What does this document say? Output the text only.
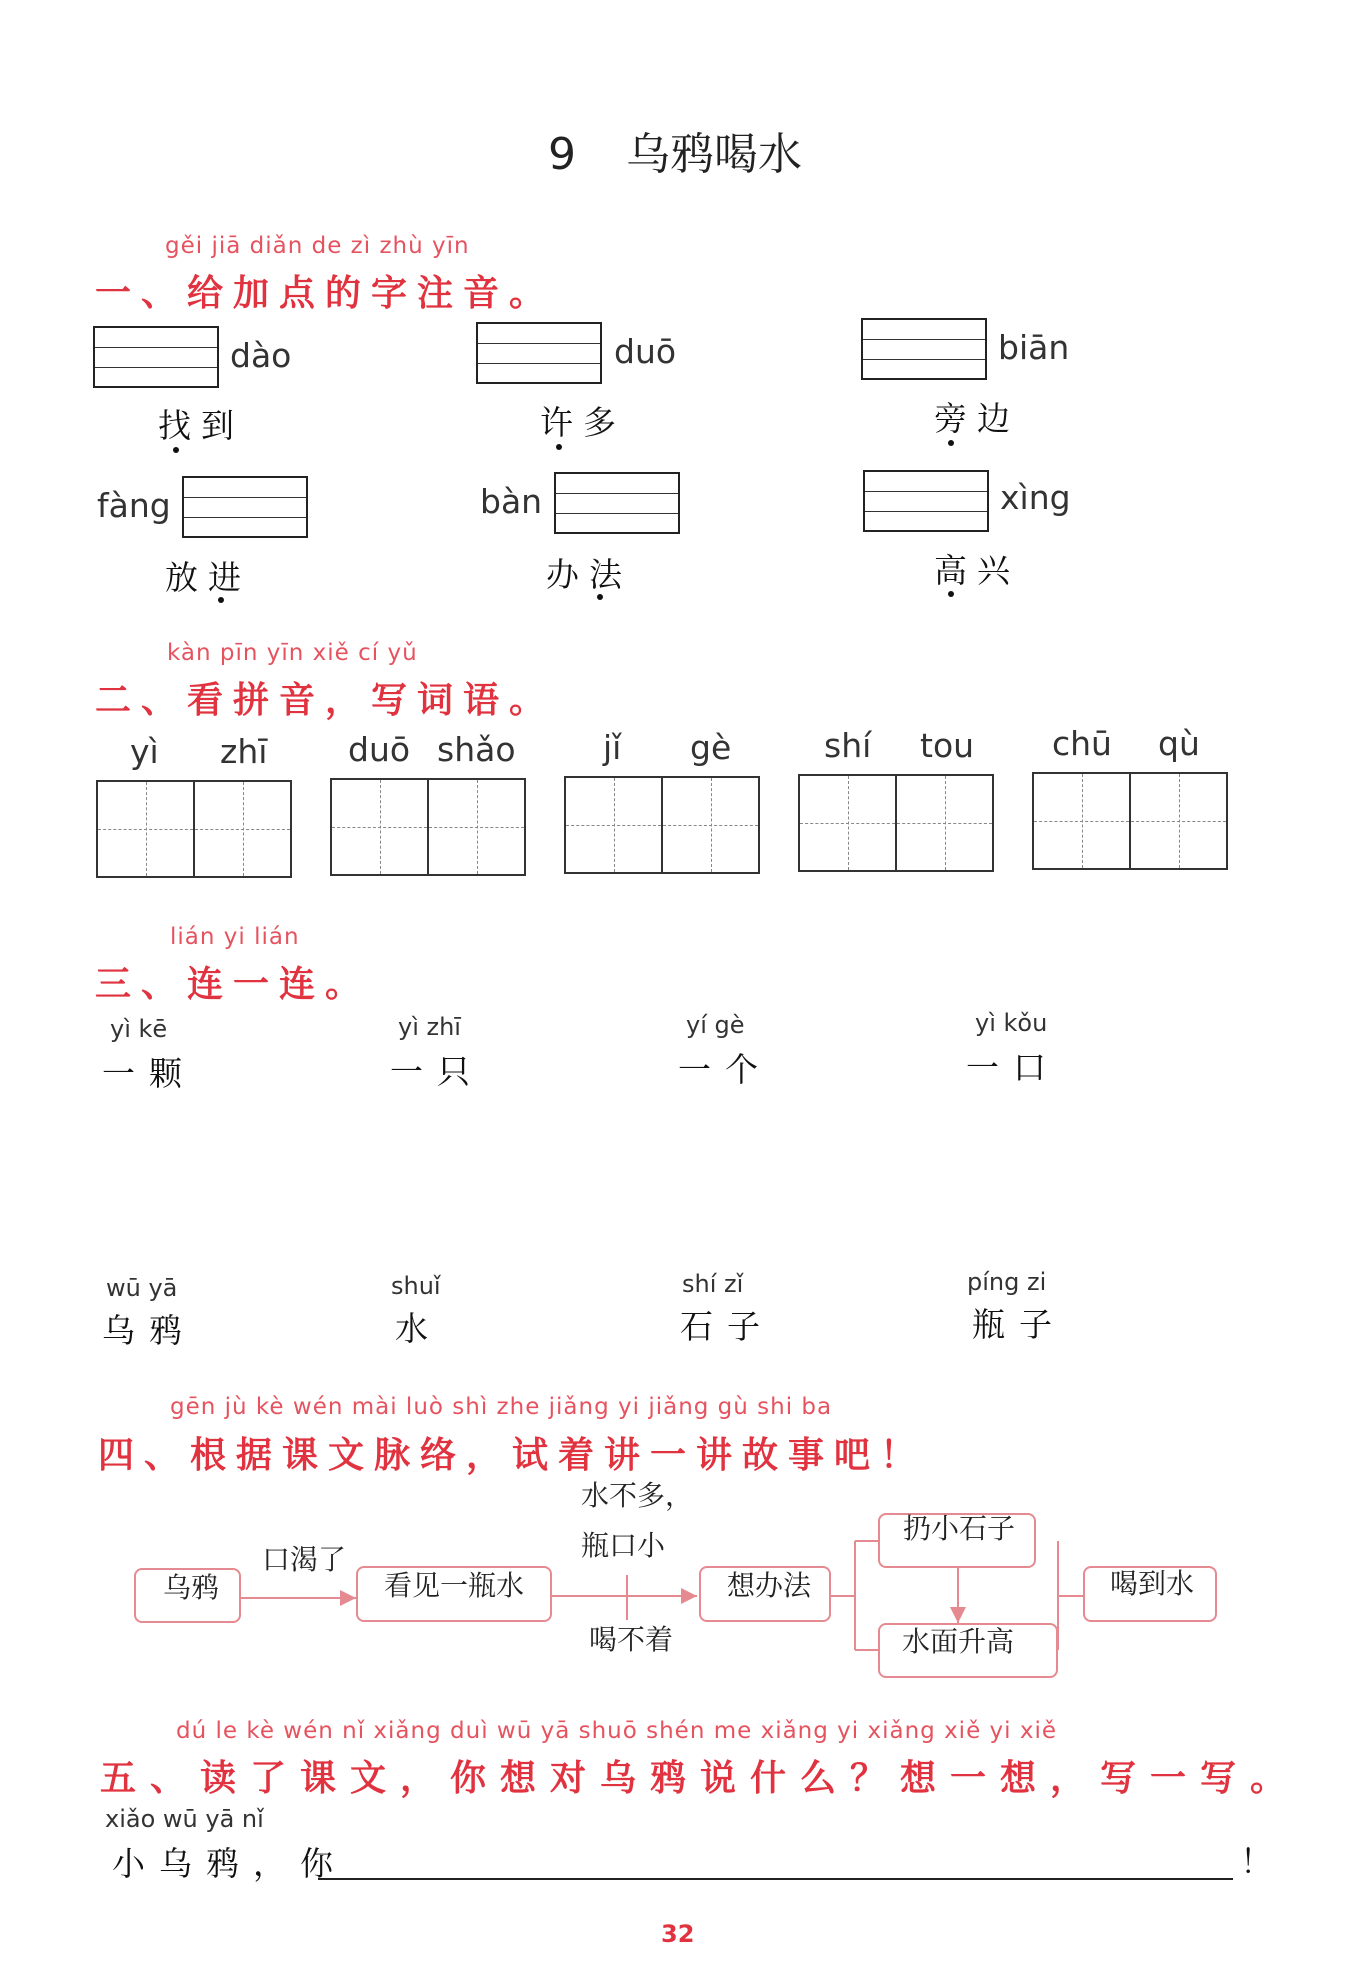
9 乌鸦喝水
gěi jiā diǎn de zì zhù yīn
一、给加点的字注音。
dào
找到
duō
许多
biān
旁边
fàng
放进
bàn
办法
xìng
高兴
kàn pīn yīn xiě cí yǔ
二、看拼音，写词语。
yì zhī duō shǎo	jǐ gè	shí tou chū qù
lián yi lián
三、连一连。
yì kē
一颗
yì zhī
一只
yí gè
一个
yì kǒu
一口
wū yā
乌鸦
shuǐ
水
shí zǐ
石子
píng zi
瓶子
gēn jù kè wén mài luò shì zhe jiǎng yi jiǎng gù shi ba
四、根据课文脉络，试着讲一讲故事吧！
乌鸦
口渴了
看见一瓶水
水不多，
瓶口小
喝不着
想办法
扔小石子
水面升高
喝到水
dú le kè wén nǐ xiǎng duì wū yā shuō shén me xiǎng yi xiǎng xiě yi xiě
五、读了课文，你想对乌鸦说什么？想一想，写一写。
xiǎo wū yā nǐ
小乌鸦，你	！
32
